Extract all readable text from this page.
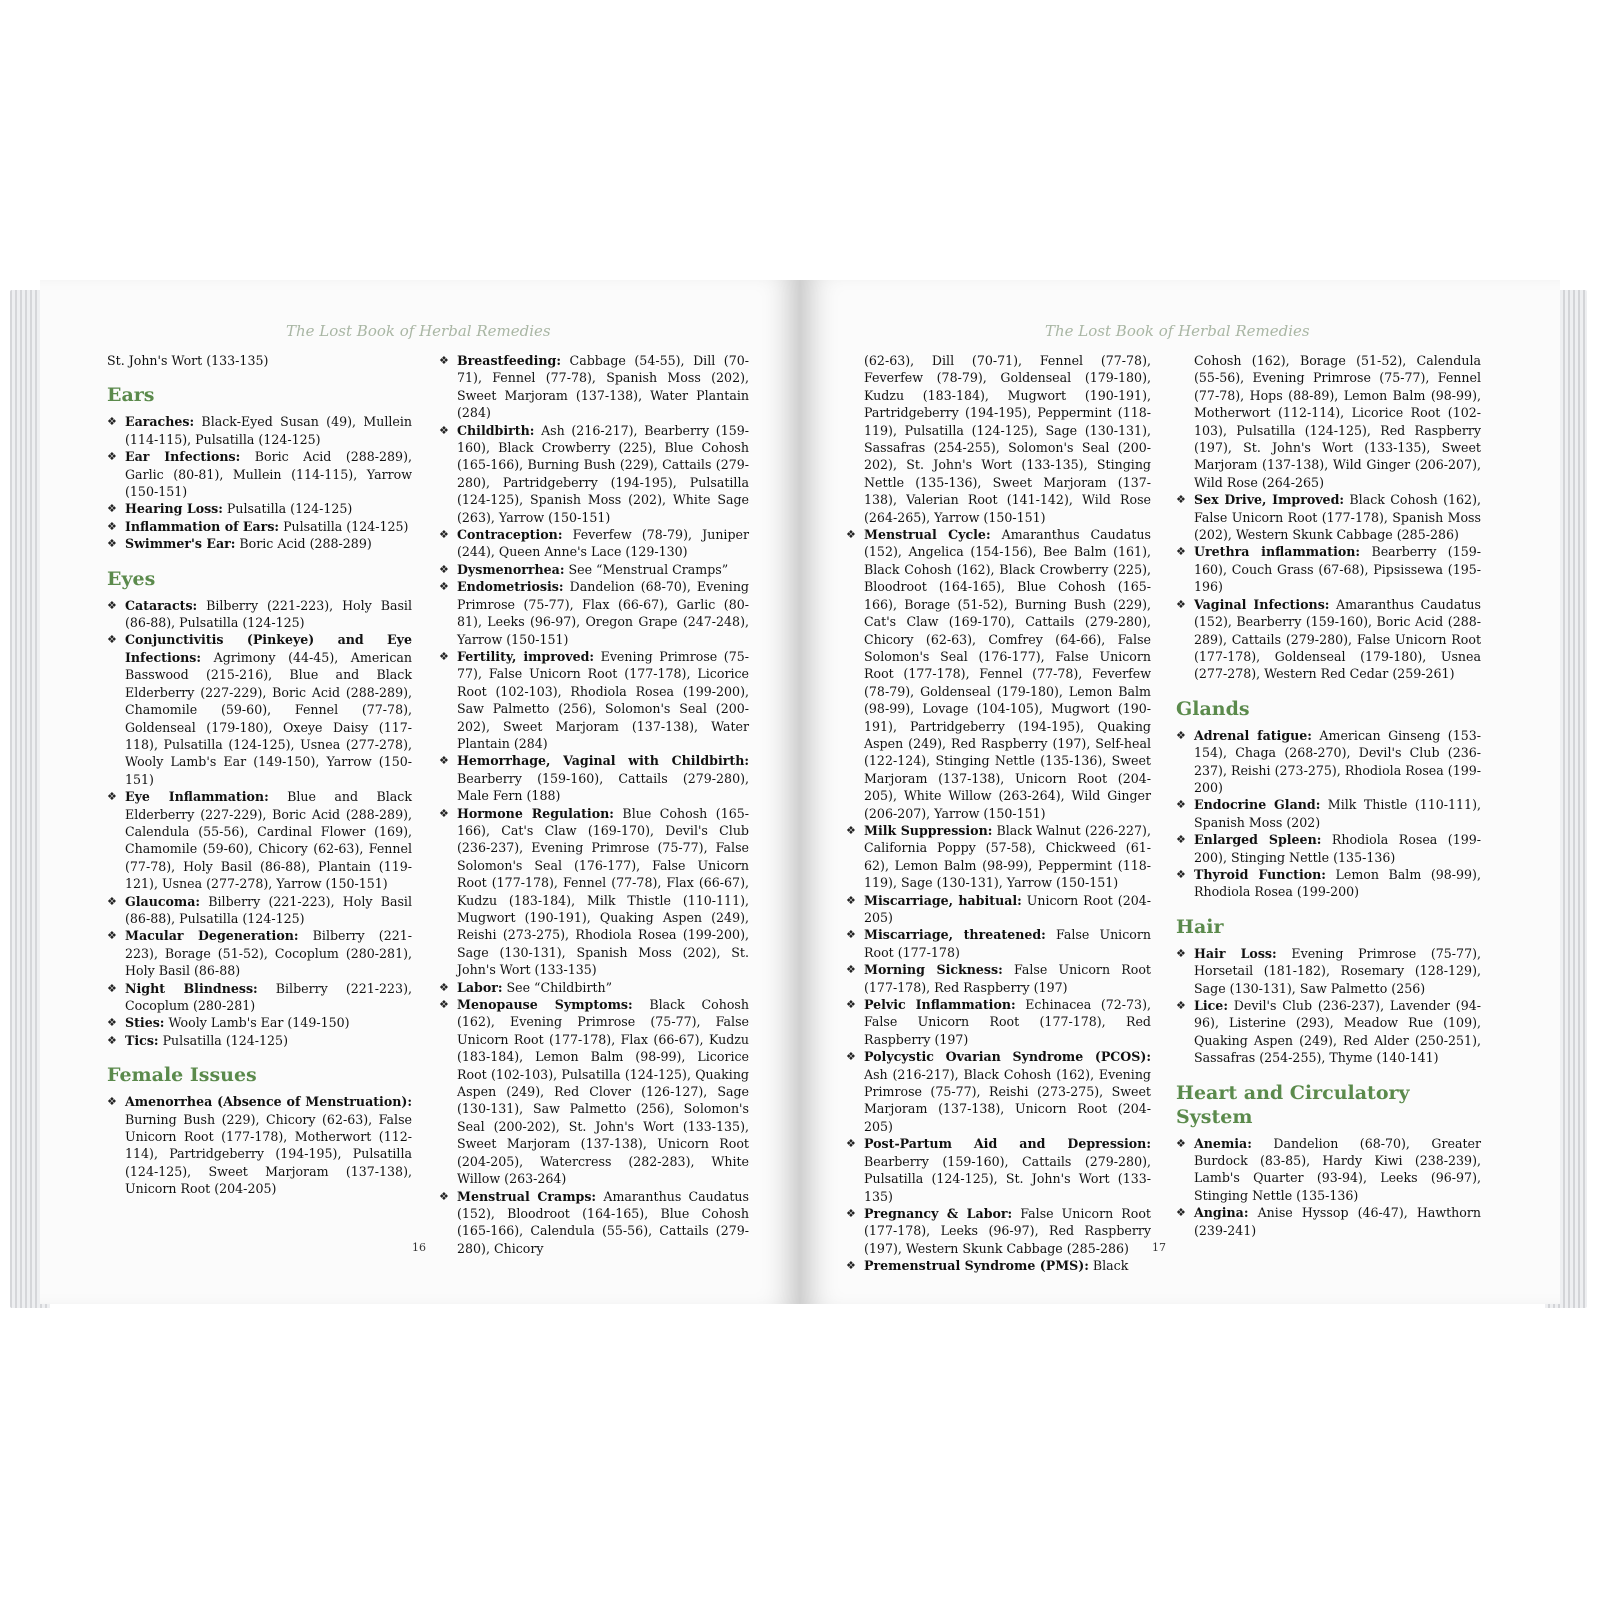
The Lost Book of Herbal Remedies

St. John's Wort (133-135)

Ears

❖ Earaches: Black-Eyed Susan (49), Mullein (114-115), Pulsatilla (124-125)

❖ Ear Infections: Boric Acid (288-289), Garlic (80-81), Mullein (114-115), Yarrow (150-151)

❖ Hearing Loss: Pulsatilla (124-125)

❖ Inflammation of Ears: Pulsatilla (124-125)

❖ Swimmer's Ear: Boric Acid (288-289)

Eyes

❖ Cataracts: Bilberry (221-223), Holy Basil (86-88), Pulsatilla (124-125)

❖ Conjunctivitis (Pinkeye) and Eye Infections: Agrimony (44-45), American Basswood (215-216), Blue and Black Elderberry (227-229), Boric Acid (288-289), Chamomile (59-60), Fennel (77-78), Goldenseal (179-180), Oxeye Daisy (117-118), Pulsatilla (124-125), Usnea (277-278), Wooly Lamb's Ear (149-150), Yarrow (150-151)

❖ Eye Inflammation: Blue and Black Elderberry (227-229), Boric Acid (288-289), Calendula (55-56), Cardinal Flower (169), Chamomile (59-60), Chicory (62-63), Fennel (77-78), Holy Basil (86-88), Plantain (119-121), Usnea (277-278), Yarrow (150-151)

❖ Glaucoma: Bilberry (221-223), Holy Basil (86-88), Pulsatilla (124-125)

❖ Macular Degeneration: Bilberry (221-223), Borage (51-52), Cocoplum (280-281), Holy Basil (86-88)

❖ Night Blindness: Bilberry (221-223), Cocoplum (280-281)

❖ Sties: Wooly Lamb's Ear (149-150)

❖ Tics: Pulsatilla (124-125)

Female Issues

❖ Amenorrhea (Absence of Menstruation): Burning Bush (229), Chicory (62-63), False Unicorn Root (177-178), Motherwort (112-114), Partridgeberry (194-195), Pulsatilla (124-125), Sweet Marjoram (137-138), Unicorn Root (204-205)

❖ Breastfeeding: Cabbage (54-55), Dill (70-71), Fennel (77-78), Spanish Moss (202), Sweet Marjoram (137-138), Water Plantain (284)

❖ Childbirth: Ash (216-217), Bearberry (159-160), Black Crowberry (225), Blue Cohosh (165-166), Burning Bush (229), Cattails (279-280), Partridgeberry (194-195), Pulsatilla (124-125), Spanish Moss (202), White Sage (263), Yarrow (150-151)

❖ Contraception: Feverfew (78-79), Juniper (244), Queen Anne's Lace (129-130)

❖ Dysmenorrhea: See “Menstrual Cramps”

❖ Endometriosis: Dandelion (68-70), Evening Primrose (75-77), Flax (66-67), Garlic (80-81), Leeks (96-97), Oregon Grape (247-248), Yarrow (150-151)

❖ Fertility, improved: Evening Primrose (75-77), False Unicorn Root (177-178), Licorice Root (102-103), Rhodiola Rosea (199-200), Saw Palmetto (256), Solomon's Seal (200-202), Sweet Marjoram (137-138), Water Plantain (284)

❖ Hemorrhage, Vaginal with Childbirth: Bearberry (159-160), Cattails (279-280), Male Fern (188)

❖ Hormone Regulation: Blue Cohosh (165-166), Cat's Claw (169-170), Devil's Club (236-237), Evening Primrose (75-77), False Solomon's Seal (176-177), False Unicorn Root (177-178), Fennel (77-78), Flax (66-67), Kudzu (183-184), Milk Thistle (110-111), Mugwort (190-191), Quaking Aspen (249), Reishi (273-275), Rhodiola Rosea (199-200), Sage (130-131), Spanish Moss (202), St. John's Wort (133-135)

❖ Labor: See “Childbirth”

❖ Menopause Symptoms: Black Cohosh (162), Evening Primrose (75-77), False Unicorn Root (177-178), Flax (66-67), Kudzu (183-184), Lemon Balm (98-99), Licorice Root (102-103), Pulsatilla (124-125), Quaking Aspen (249), Red Clover (126-127), Sage (130-131), Saw Palmetto (256), Solomon's Seal (200-202), St. John's Wort (133-135), Sweet Marjoram (137-138), Unicorn Root (204-205), Watercress (282-283), White Willow (263-264)

❖ Menstrual Cramps: Amaranthus Caudatus (152), Bloodroot (164-165), Blue Cohosh (165-166), Calendula (55-56), Cattails (279-280), Chicory

16
The Lost Book of Herbal Remedies

(62-63), Dill (70-71), Fennel (77-78), Feverfew (78-79), Goldenseal (179-180), Kudzu (183-184), Mugwort (190-191), Partridgeberry (194-195), Peppermint (118-119), Pulsatilla (124-125), Sage (130-131), Sassafras (254-255), Solomon's Seal (200-202), St. John's Wort (133-135), Stinging Nettle (135-136), Sweet Marjoram (137-138), Valerian Root (141-142), Wild Rose (264-265), Yarrow (150-151)

❖ Menstrual Cycle: Amaranthus Caudatus (152), Angelica (154-156), Bee Balm (161), Black Cohosh (162), Black Crowberry (225), Bloodroot (164-165), Blue Cohosh (165-166), Borage (51-52), Burning Bush (229), Cat's Claw (169-170), Cattails (279-280), Chicory (62-63), Comfrey (64-66), False Solomon's Seal (176-177), False Unicorn Root (177-178), Fennel (77-78), Feverfew (78-79), Goldenseal (179-180), Lemon Balm (98-99), Lovage (104-105), Mugwort (190-191), Partridgeberry (194-195), Quaking Aspen (249), Red Raspberry (197), Self-heal (122-124), Stinging Nettle (135-136), Sweet Marjoram (137-138), Unicorn Root (204-205), White Willow (263-264), Wild Ginger (206-207), Yarrow (150-151)

❖ Milk Suppression: Black Walnut (226-227), California Poppy (57-58), Chickweed (61-62), Lemon Balm (98-99), Peppermint (118-119), Sage (130-131), Yarrow (150-151)

❖ Miscarriage, habitual: Unicorn Root (204-205)

❖ Miscarriage, threatened: False Unicorn Root (177-178)

❖ Morning Sickness: False Unicorn Root (177-178), Red Raspberry (197)

❖ Pelvic Inflammation: Echinacea (72-73), False Unicorn Root (177-178), Red Raspberry (197)

❖ Polycystic Ovarian Syndrome (PCOS): Ash (216-217), Black Cohosh (162), Evening Primrose (75-77), Reishi (273-275), Sweet Marjoram (137-138), Unicorn Root (204-205)

❖ Post-Partum Aid and Depression: Bearberry (159-160), Cattails (279-280), Pulsatilla (124-125), St. John's Wort (133-135)

❖ Pregnancy & Labor: False Unicorn Root (177-178), Leeks (96-97), Red Raspberry (197), Western Skunk Cabbage (285-286)

❖ Premenstrual Syndrome (PMS): Black

Cohosh (162), Borage (51-52), Calendula (55-56), Evening Primrose (75-77), Fennel (77-78), Hops (88-89), Lemon Balm (98-99), Motherwort (112-114), Licorice Root (102-103), Pulsatilla (124-125), Red Raspberry (197), St. John's Wort (133-135), Sweet Marjoram (137-138), Wild Ginger (206-207), Wild Rose (264-265)

❖ Sex Drive, Improved: Black Cohosh (162), False Unicorn Root (177-178), Spanish Moss (202), Western Skunk Cabbage (285-286)

❖ Urethra inflammation: Bearberry (159-160), Couch Grass (67-68), Pipsissewa (195-196)

❖ Vaginal Infections: Amaranthus Caudatus (152), Bearberry (159-160), Boric Acid (288-289), Cattails (279-280), False Unicorn Root (177-178), Goldenseal (179-180), Usnea (277-278), Western Red Cedar (259-261)

Glands

❖ Adrenal fatigue: American Ginseng (153-154), Chaga (268-270), Devil's Club (236-237), Reishi (273-275), Rhodiola Rosea (199-200)

❖ Endocrine Gland: Milk Thistle (110-111), Spanish Moss (202)

❖ Enlarged Spleen: Rhodiola Rosea (199-200), Stinging Nettle (135-136)

❖ Thyroid Function: Lemon Balm (98-99), Rhodiola Rosea (199-200)

Hair

❖ Hair Loss: Evening Primrose (75-77), Horsetail (181-182), Rosemary (128-129), Sage (130-131), Saw Palmetto (256)

❖ Lice: Devil's Club (236-237), Lavender (94-96), Listerine (293), Meadow Rue (109), Quaking Aspen (249), Red Alder (250-251), Sassafras (254-255), Thyme (140-141)

Heart and Circulatory System

❖ Anemia: Dandelion (68-70), Greater Burdock (83-85), Hardy Kiwi (238-239), Lamb's Quarter (93-94), Leeks (96-97), Stinging Nettle (135-136)

❖ Angina: Anise Hyssop (46-47), Hawthorn (239-241)

17
